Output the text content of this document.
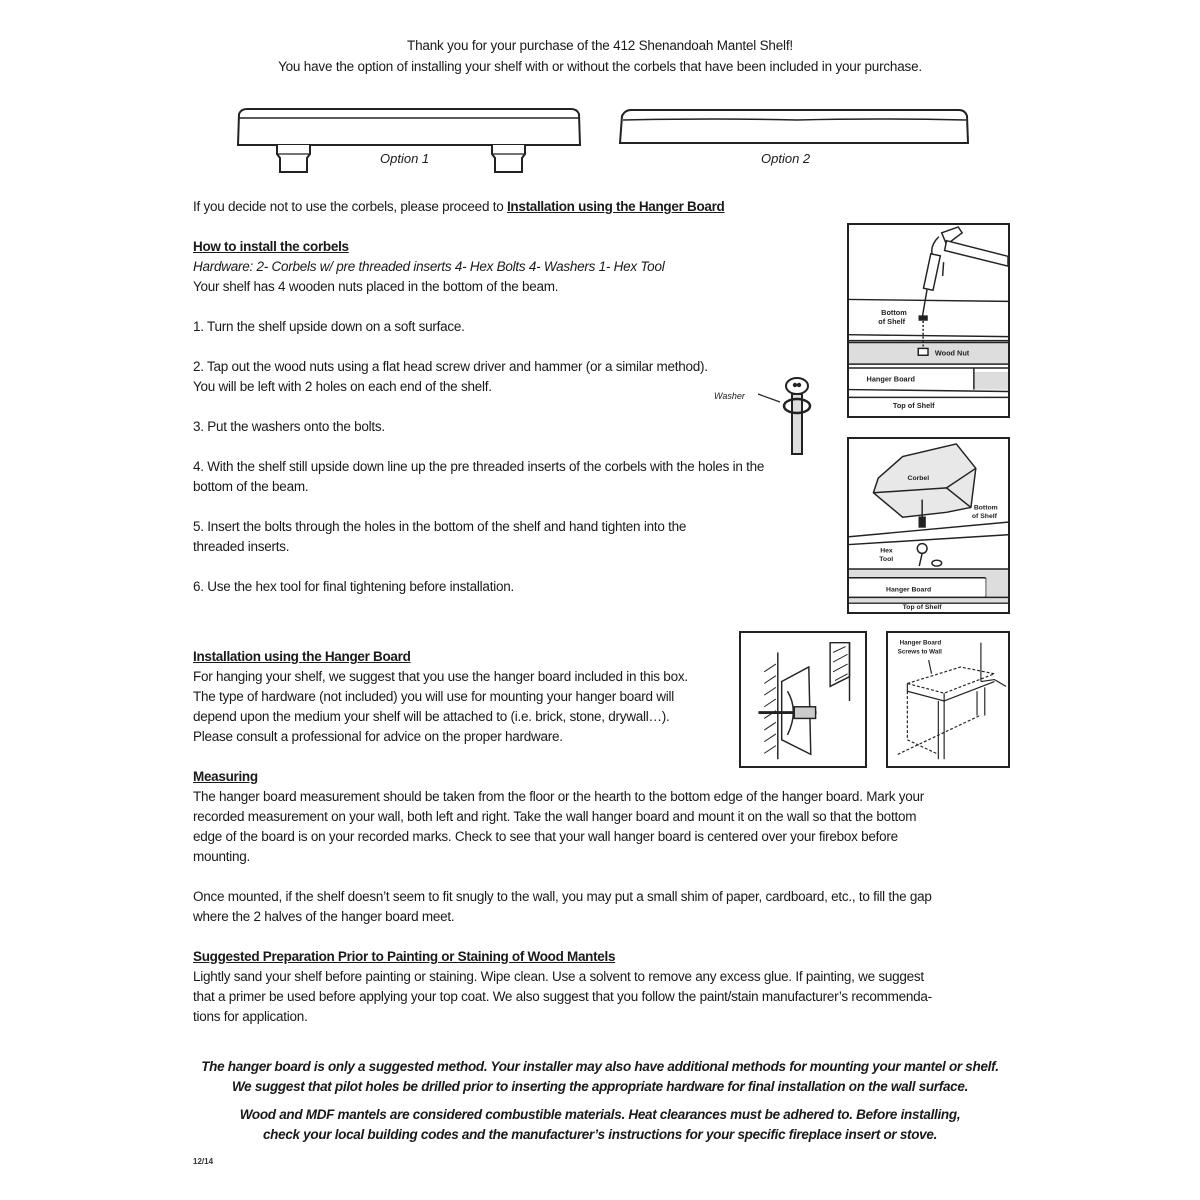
Thank you for your purchase of the 412 Shenandoah Mantel Shelf!
You have the option of installing your shelf with or without the corbels that have been included in your purchase.
Option 1	Option 2
If you decide not to use the corbels, please proceed to Installation using the Hanger Board
How to install the corbels
Hardware: 2- Corbels w/ pre threaded inserts 4- Hex Bolts 4- Washers 1- Hex Tool
Your shelf has 4 wooden nuts placed in the bottom of the beam.
1. Turn the shelf upside down on a soft surface.
2. Tap out the wood nuts using a flat head screw driver and hammer (or a similar method).
You will be left with 2 holes on each end of the shelf.
3. Put the washers onto the bolts.
4. With the shelf still upside down line up the pre threaded inserts of the corbels with the holes in the
bottom of the beam.
5. Insert the bolts through the holes in the bottom of the shelf and hand tighten into the
threaded inserts.
6. Use the hex tool for final tightening before installation.
Washer
Bottom
of Shelf
Wood Nut
Hanger Board
Top of Shelf
Corbel
Bottom
of Shelf
Hex
Tool
Hanger Board
Top of Shelf
Installation using the Hanger Board
For hanging your shelf, we suggest that you use the hanger board included in this box.
The type of hardware (not included) you will use for mounting your hanger board will
depend upon the medium your shelf will be attached to (i.e. brick, stone, drywall…).
Please consult a professional for advice on the proper hardware.
Hanger Board
Screws to Wall
Measuring
The hanger board measurement should be taken from the floor or the hearth to the bottom edge of the hanger board. Mark your
recorded measurement on your wall, both left and right. Take the wall hanger board and mount it on the wall so that the bottom
edge of the board is on your recorded marks. Check to see that your wall hanger board is centered over your firebox before
mounting.
Once mounted, if the shelf doesn’t seem to fit snugly to the wall, you may put a small shim of paper, cardboard, etc., to fill the gap
where the 2 halves of the hanger board meet.
Suggested Preparation Prior to Painting or Staining of Wood Mantels
Lightly sand your shelf before painting or staining. Wipe clean. Use a solvent to remove any excess glue. If painting, we suggest
that a primer be used before applying your top coat. We also suggest that you follow the paint/stain manufacturer’s recommenda-
tions for application.
The hanger board is only a suggested method. Your installer may also have additional methods for mounting your mantel or shelf.
We suggest that pilot holes be drilled prior to inserting the appropriate hardware for final installation on the wall surface.
Wood and MDF mantels are considered combustible materials. Heat clearances must be adhered to. Before installing,
check your local building codes and the manufacturer’s instructions for your specific fireplace insert or stove.
12/14
